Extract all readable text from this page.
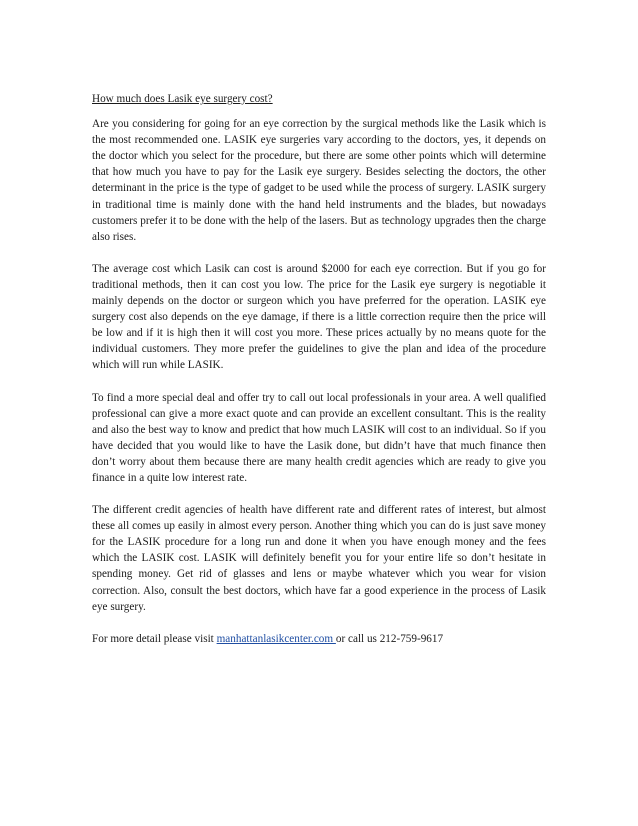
How much does Lasik eye surgery cost?

Are you considering for going for an eye correction by the surgical methods like the Lasik which is the most recommended one. LASIK eye surgeries vary according to the doctors, yes, it depends on the doctor which you select for the procedure, but there are some other points which will determine that how much you have to pay for the Lasik eye surgery. Besides selecting the doctors, the other determinant in the price is the type of gadget to be used while the process of surgery. LASIK surgery in traditional time is mainly done with the hand held instruments and the blades, but nowadays customers prefer it to be done with the help of the lasers. But as technology upgrades then the charge also rises.

The average cost which Lasik can cost is around $2000 for each eye correction. But if you go for traditional methods, then it can cost you low. The price for the Lasik eye surgery is negotiable it mainly depends on the doctor or surgeon which you have preferred for the operation. LASIK eye surgery cost also depends on the eye damage, if there is a little correction require then the price will be low and if it is high then it will cost you more. These prices actually by no means quote for the individual customers. They more prefer the guidelines to give the plan and idea of the procedure which will run while LASIK.

To find a more special deal and offer try to call out local professionals in your area. A well qualified professional can give a more exact quote and can provide an excellent consultant. This is the reality and also the best way to know and predict that how much LASIK will cost to an individual. So if you have decided that you would like to have the Lasik done, but didn’t have that much finance then don’t worry about them because there are many health credit agencies which are ready to give you finance in a quite low interest rate.

The different credit agencies of health have different rate and different rates of interest, but almost these all comes up easily in almost every person. Another thing which you can do is just save money for the LASIK procedure for a long run and done it when you have enough money and the fees which the LASIK cost. LASIK will definitely benefit you for your entire life so don’t hesitate in spending money. Get rid of glasses and lens or maybe whatever which you wear for vision correction. Also, consult the best doctors, which have far a good experience in the process of Lasik eye surgery.

For more detail please visit manhattanlasikcenter.com or call us 212-759-9617
